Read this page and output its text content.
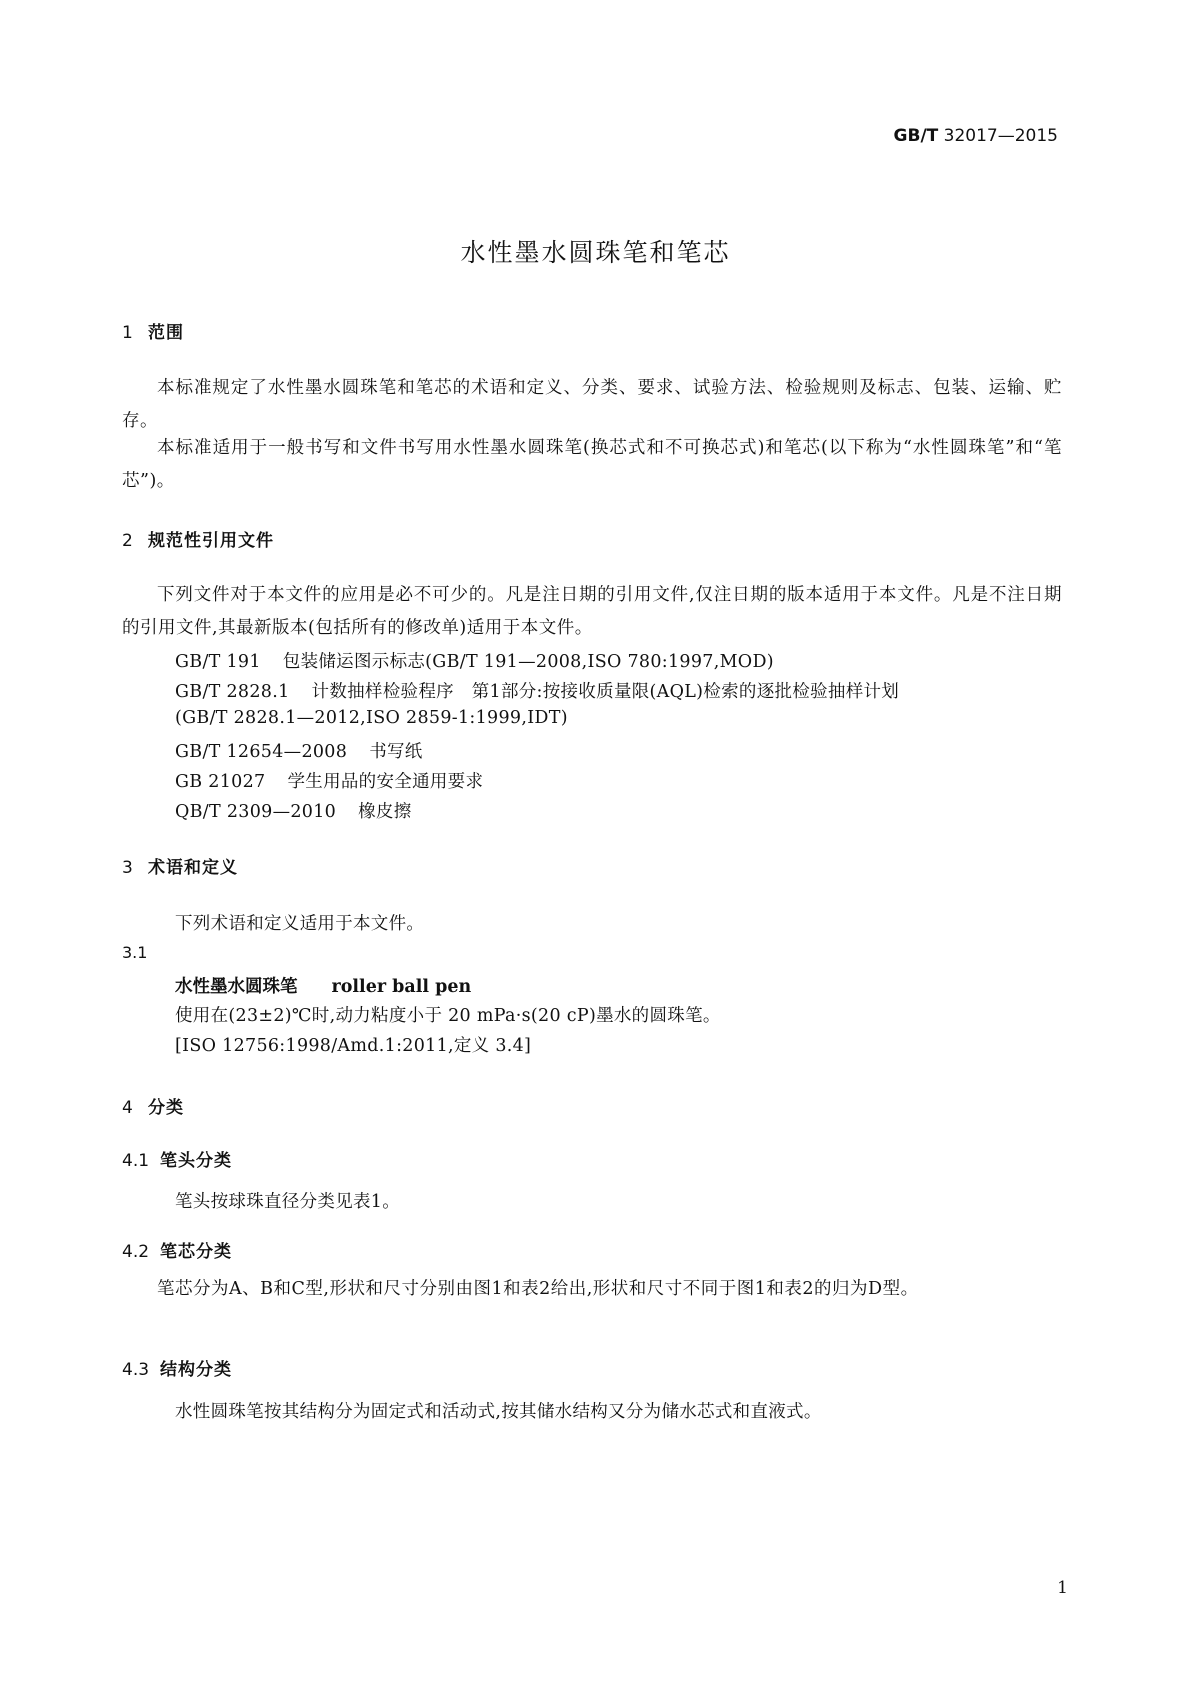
GB/T 32017—2015
水性墨水圆珠笔和笔芯
1 范围
本标准规定了水性墨水圆珠笔和笔芯的术语和定义、分类、要求、试验方法、检验规则及标志、包装、运输、贮存。
本标准适用于一般书写和文件书写用水性墨水圆珠笔(换芯式和不可换芯式)和笔芯(以下称为“水性圆珠笔”和“笔芯”)。
2 规范性引用文件
下列文件对于本文件的应用是必不可少的。凡是注日期的引用文件,仅注日期的版本适用于本文件。凡是不注日期的引用文件,其最新版本(包括所有的修改单)适用于本文件。
GB/T 191 包装储运图示标志(GB/T 191—2008,ISO 780:1997,MOD)
GB/T 2828.1 计数抽样检验程序　第1部分:按接收质量限(AQL)检索的逐批检验抽样计划
(GB/T 2828.1—2012,ISO 2859-1:1999,IDT)
GB/T 12654—2008 书写纸
GB 21027 学生用品的安全通用要求
QB/T 2309—2010 橡皮擦
3 术语和定义
下列术语和定义适用于本文件。
3.1
水性墨水圆珠笔 roller ball pen
使用在(23±2)℃时,动力粘度小于 20 mPa·s(20 cP)墨水的圆珠笔。
[ISO 12756:1998/Amd.1:2011,定义 3.4]
4 分类
4.1 笔头分类
笔头按球珠直径分类见表1。
4.2 笔芯分类
笔芯分为A、B和C型,形状和尺寸分别由图1和表2给出,形状和尺寸不同于图1和表2的归为D型。
4.3 结构分类
水性圆珠笔按其结构分为固定式和活动式,按其储水结构又分为储水芯式和直液式。
1
